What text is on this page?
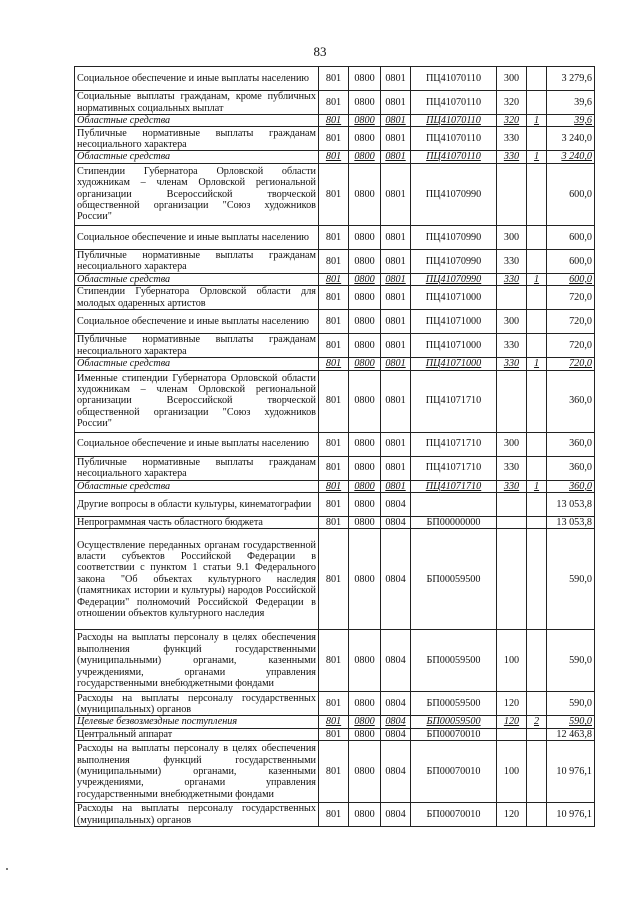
83
Социальное обеспечение и иные выплаты населению	801	0800	0801	ПЦ41070110	300		3 279,6
Социальные выплаты гражданам, кроме публичных нормативных социальных выплат	801	0800	0801	ПЦ41070110	320		39,6
Областные средства	801	0800	0801	ПЦ41070110	320	1	39,6
Публичные нормативные выплаты гражданам несоциального характера	801	0800	0801	ПЦ41070110	330		3 240,0
Областные средства	801	0800	0801	ПЦ41070110	330	1	3 240,0
Стипендии Губернатора Орловской области художникам – членам Орловской региональной организации Всероссийской творческой общественной организации "Союз художников России"	801	0800	0801	ПЦ41070990			600,0
Социальное обеспечение и иные выплаты населению	801	0800	0801	ПЦ41070990	300		600,0
Публичные нормативные выплаты гражданам несоциального характера	801	0800	0801	ПЦ41070990	330		600,0
Областные средства	801	0800	0801	ПЦ41070990	330	1	600,0
Стипендии Губернатора Орловской области для молодых одаренных артистов	801	0800	0801	ПЦ41071000			720,0
Социальное обеспечение и иные выплаты населению	801	0800	0801	ПЦ41071000	300		720,0
Публичные нормативные выплаты гражданам несоциального характера	801	0800	0801	ПЦ41071000	330		720,0
Областные средства	801	0800	0801	ПЦ41071000	330	1	720,0
Именные стипендии Губернатора Орловской области художникам – членам Орловской региональной организации Всероссийской творческой общественной организации "Союз художников России"	801	0800	0801	ПЦ41071710			360,0
Социальное обеспечение и иные выплаты населению	801	0800	0801	ПЦ41071710	300		360,0
Публичные нормативные выплаты гражданам несоциального характера	801	0800	0801	ПЦ41071710	330		360,0
Областные средства	801	0800	0801	ПЦ41071710	330	1	360,0
Другие вопросы в области культуры, кинематографии	801	0800	0804				13 053,8
Непрограммная часть областного бюджета	801	0800	0804	БП00000000			13 053,8
Осуществление переданных органам государственной власти субъектов Российской Федерации в соответствии с пунктом 1 статьи 9.1 Федерального закона "Об объектах культурного наследия (памятниках истории и культуры) народов Российской Федерации" полномочий Российской Федерации в отношении объектов культурного наследия	801	0800	0804	БП00059500			590,0
Расходы на выплаты персоналу в целях обеспечения выполнения функций государственными (муниципальными) органами, казенными учреждениями, органами управления государственными внебюджетными фондами	801	0800	0804	БП00059500	100		590,0
Расходы на выплаты персоналу государственных (муниципальных) органов	801	0800	0804	БП00059500	120		590,0
Целевые безвозмездные поступления	801	0800	0804	БП00059500	120	2	590,0
Центральный аппарат	801	0800	0804	БП00070010			12 463,8
Расходы на выплаты персоналу в целях обеспечения выполнения функций государственными (муниципальными) органами, казенными учреждениями, органами управления государственными внебюджетными фондами	801	0800	0804	БП00070010	100		10 976,1
Расходы на выплаты персоналу государственных (муниципальных) органов	801	0800	0804	БП00070010	120		10 976,1
